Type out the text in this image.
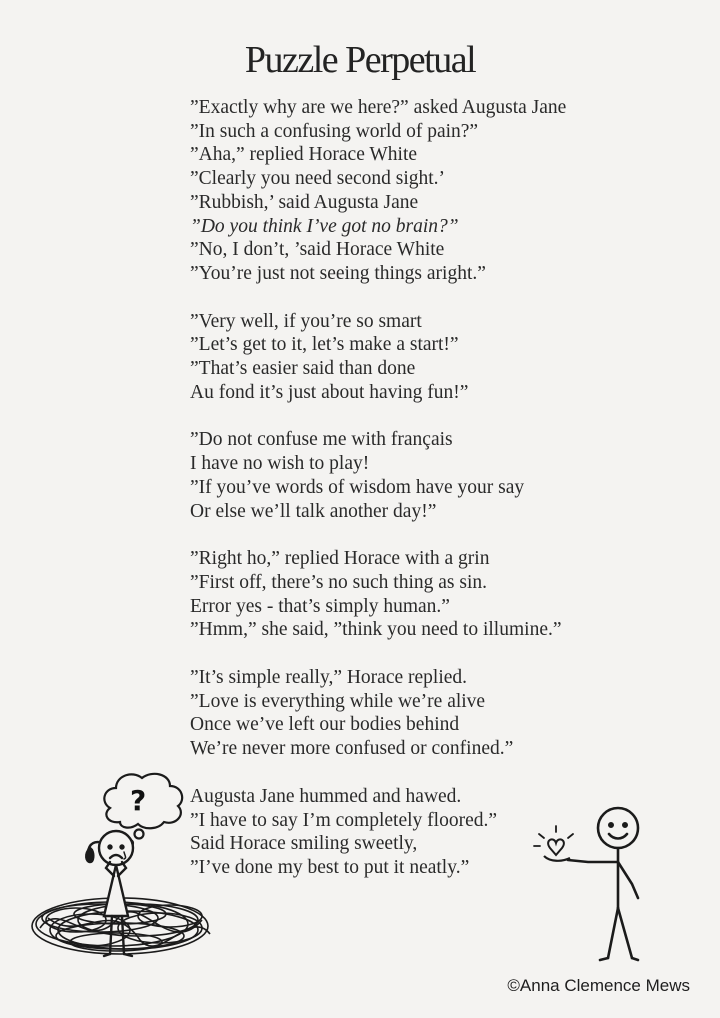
Puzzle Perpetual
”Exactly why are we here?” asked Augusta Jane
”In such a confusing world of pain?”
”Aha,” replied Horace White
”Clearly you need second sight.’
”Rubbish,’ said Augusta Jane
”Do you think I’ve got no brain?”
”No, I don’t, ’said Horace White
”You’re just not seeing things aright.”
”Very well, if you’re so smart
”Let’s get to it, let’s make a start!”
”That’s easier said than done
Au fond it’s just about having fun!”
”Do not confuse me with français
I have no wish to play!
”If you’ve words of wisdom have your say
Or else we’ll talk another day!”
”Right ho,” replied Horace with a grin
”First off, there’s no such thing as sin.
Error yes - that’s simply human.”
”Hmm,” she said, ”think you need to illumine.”
”It’s simple really,” Horace replied.
”Love is everything while we’re alive
Once we’ve left our bodies behind
We’re never more confused or confined.”
Augusta Jane hummed and hawed.
”I have to say I’m completely floored.”
Said Horace smiling sweetly,
”I’ve done my best to put it neatly.”
?
©Anna Clemence Mews
